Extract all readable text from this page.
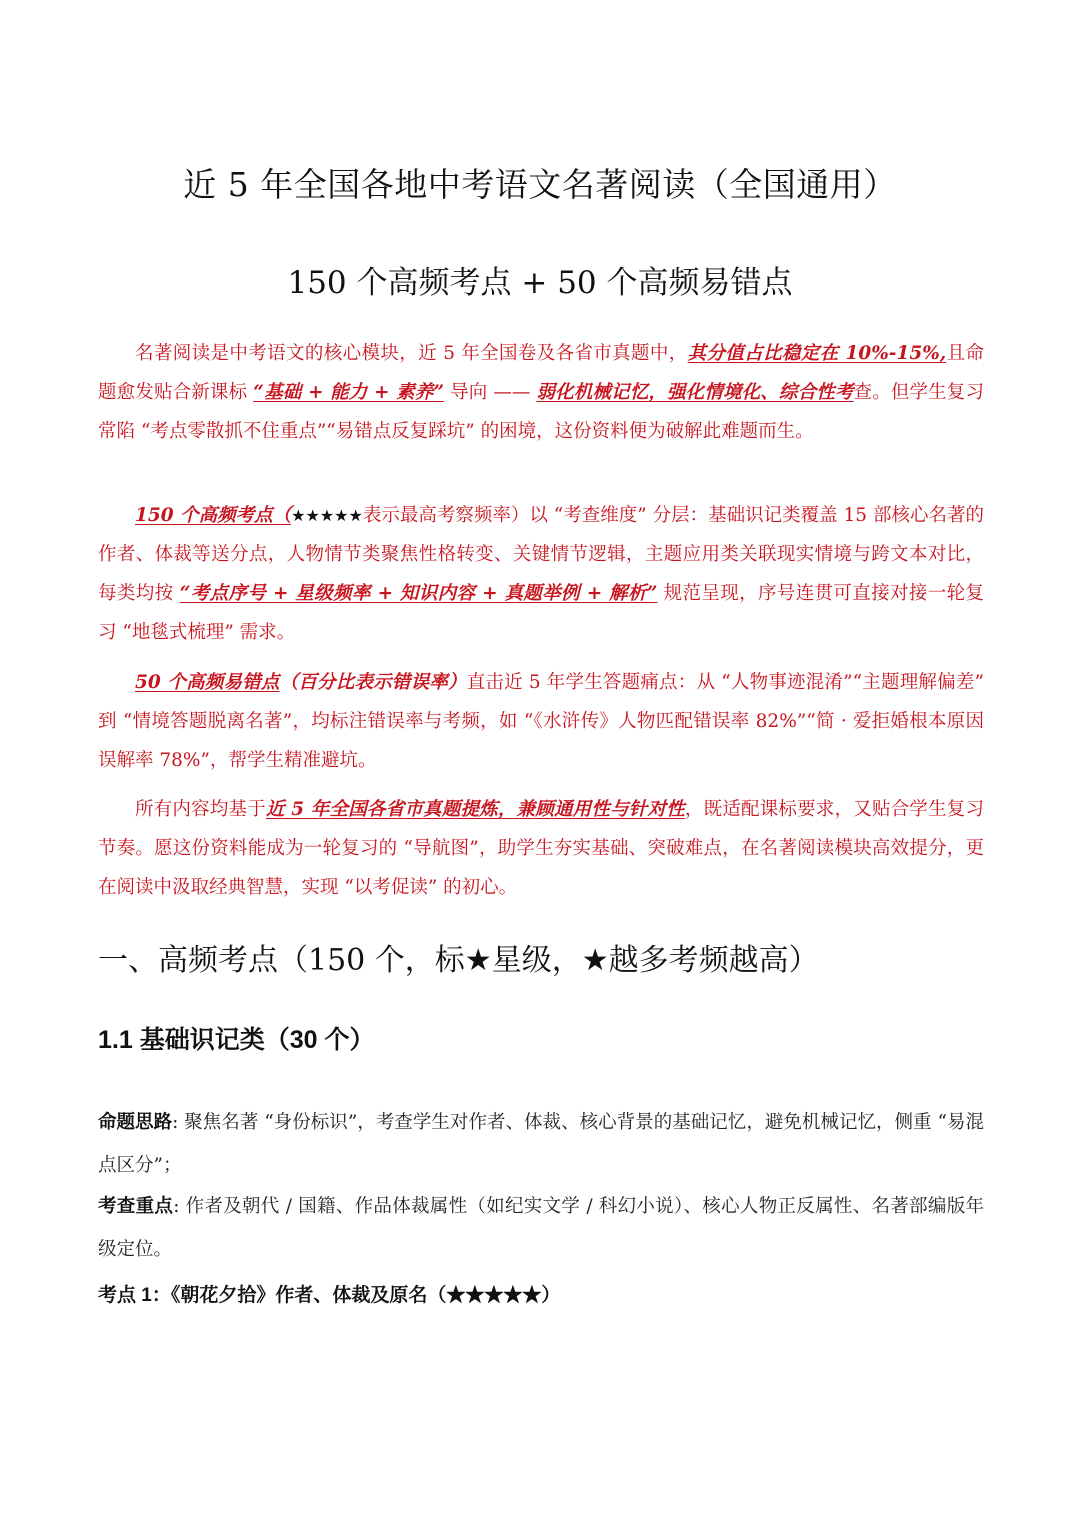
近 5 年全国各地中考语文名著阅读（全国通用）
150 个高频考点 + 50 个高频易错点

名著阅读是中考语文的核心模块，近 5 年全国卷及各省市真题中，其分值占比稳定在 10%-15%,且命题愈发贴合新课标 “基础 + 能力 + 素养” 导向 —— 弱化机械记忆，强化情境化、综合性考查。但学生复习常陷 “考点零散抓不住重点”“易错点反复踩坑” 的困境，这份资料便为破解此难题而生。

150 个高频考点（★★★★★表示最高考察频率）以 “考查维度” 分层：基础识记类覆盖 15 部核心名著的作者、体裁等送分点，人物情节类聚焦性格转变、关键情节逻辑，主题应用类关联现实情境与跨文本对比，每类均按 “考点序号 + 星级频率 + 知识内容 + 真题举例 + 解析” 规范呈现，序号连贯可直接对接一轮复习 “地毯式梳理” 需求。

50 个高频易错点（百分比表示错误率）直击近 5 年学生答题痛点：从 “人物事迹混淆”“主题理解偏差” 到 “情境答题脱离名著”，均标注错误率与考频，如 “《水浒传》人物匹配错误率 82%”“简 · 爱拒婚根本原因误解率 78%”，帮学生精准避坑。

所有内容均基于近 5 年全国各省市真题提炼，兼顾通用性与针对性，既适配课标要求，又贴合学生复习节奏。愿这份资料能成为一轮复习的 “导航图”，助学生夯实基础、突破难点，在名著阅读模块高效提分，更在阅读中汲取经典智慧，实现 “以考促读” 的初心。

一、高频考点（150 个，标★星级，★越多考频越高）
1.1 基础识记类（30 个）

命题思路: 聚焦名著 “身份标识”，考查学生对作者、体裁、核心背景的基础记忆，避免机械记忆，侧重 “易混点区分”；

考查重点: 作者及朝代 / 国籍、作品体裁属性（如纪实文学 / 科幻小说）、核心人物正反属性、名著部编版年级定位。

考点 1：《朝花夕拾》作者、体裁及原名（★★★★★）
